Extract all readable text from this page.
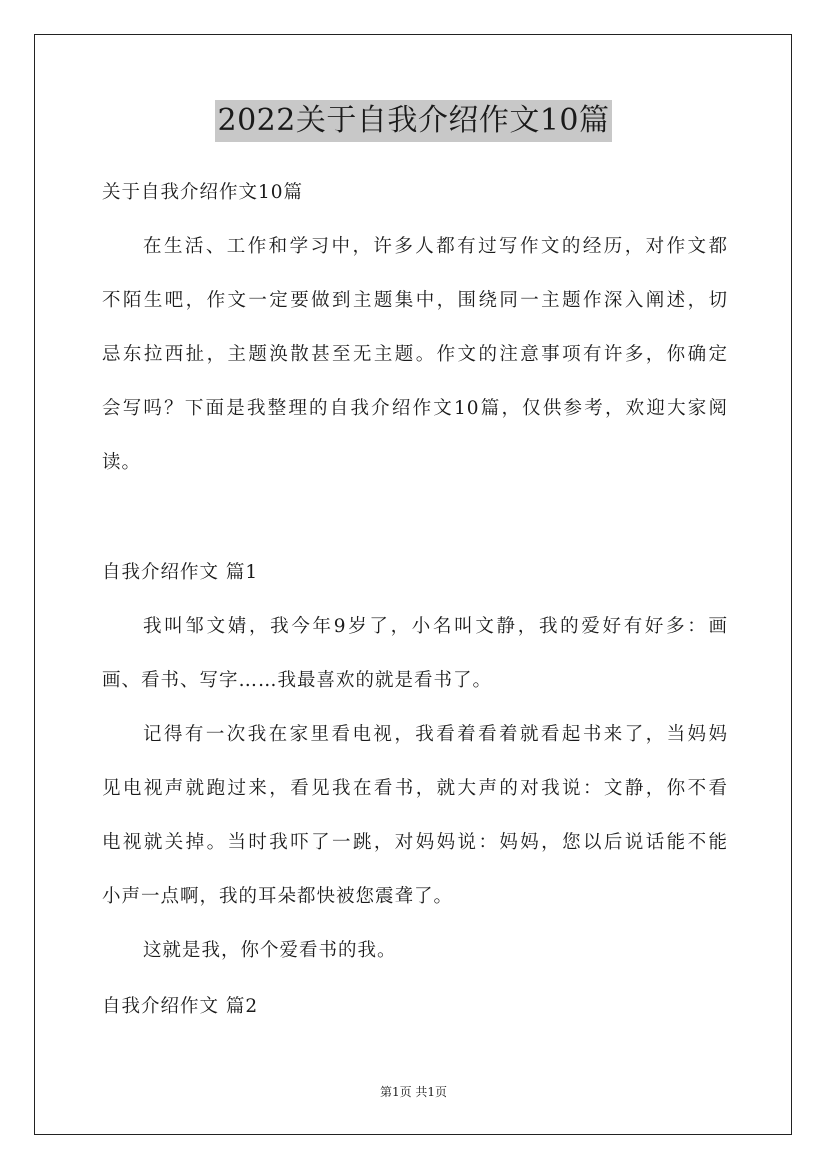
2022关于自我介绍作文10篇
关于自我介绍作文10篇
在生活、工作和学习中，许多人都有过写作文的经历，对作文都
不陌生吧，作文一定要做到主题集中，围绕同一主题作深入阐述，切
忌东拉西扯，主题涣散甚至无主题。作文的注意事项有许多，你确定
会写吗？下面是我整理的自我介绍作文10篇，仅供参考，欢迎大家阅
读。
自我介绍作文 篇1
我叫邹文婧，我今年9岁了，小名叫文静，我的爱好有好多：画
画、看书、写字……我最喜欢的就是看书了。
记得有一次我在家里看电视，我看着看着就看起书来了，当妈妈
见电视声就跑过来，看见我在看书，就大声的对我说：文静，你不看
电视就关掉。当时我吓了一跳，对妈妈说：妈妈，您以后说话能不能
小声一点啊，我的耳朵都快被您震聋了。
这就是我，你个爱看书的我。
自我介绍作文 篇2
第1页 共1页
